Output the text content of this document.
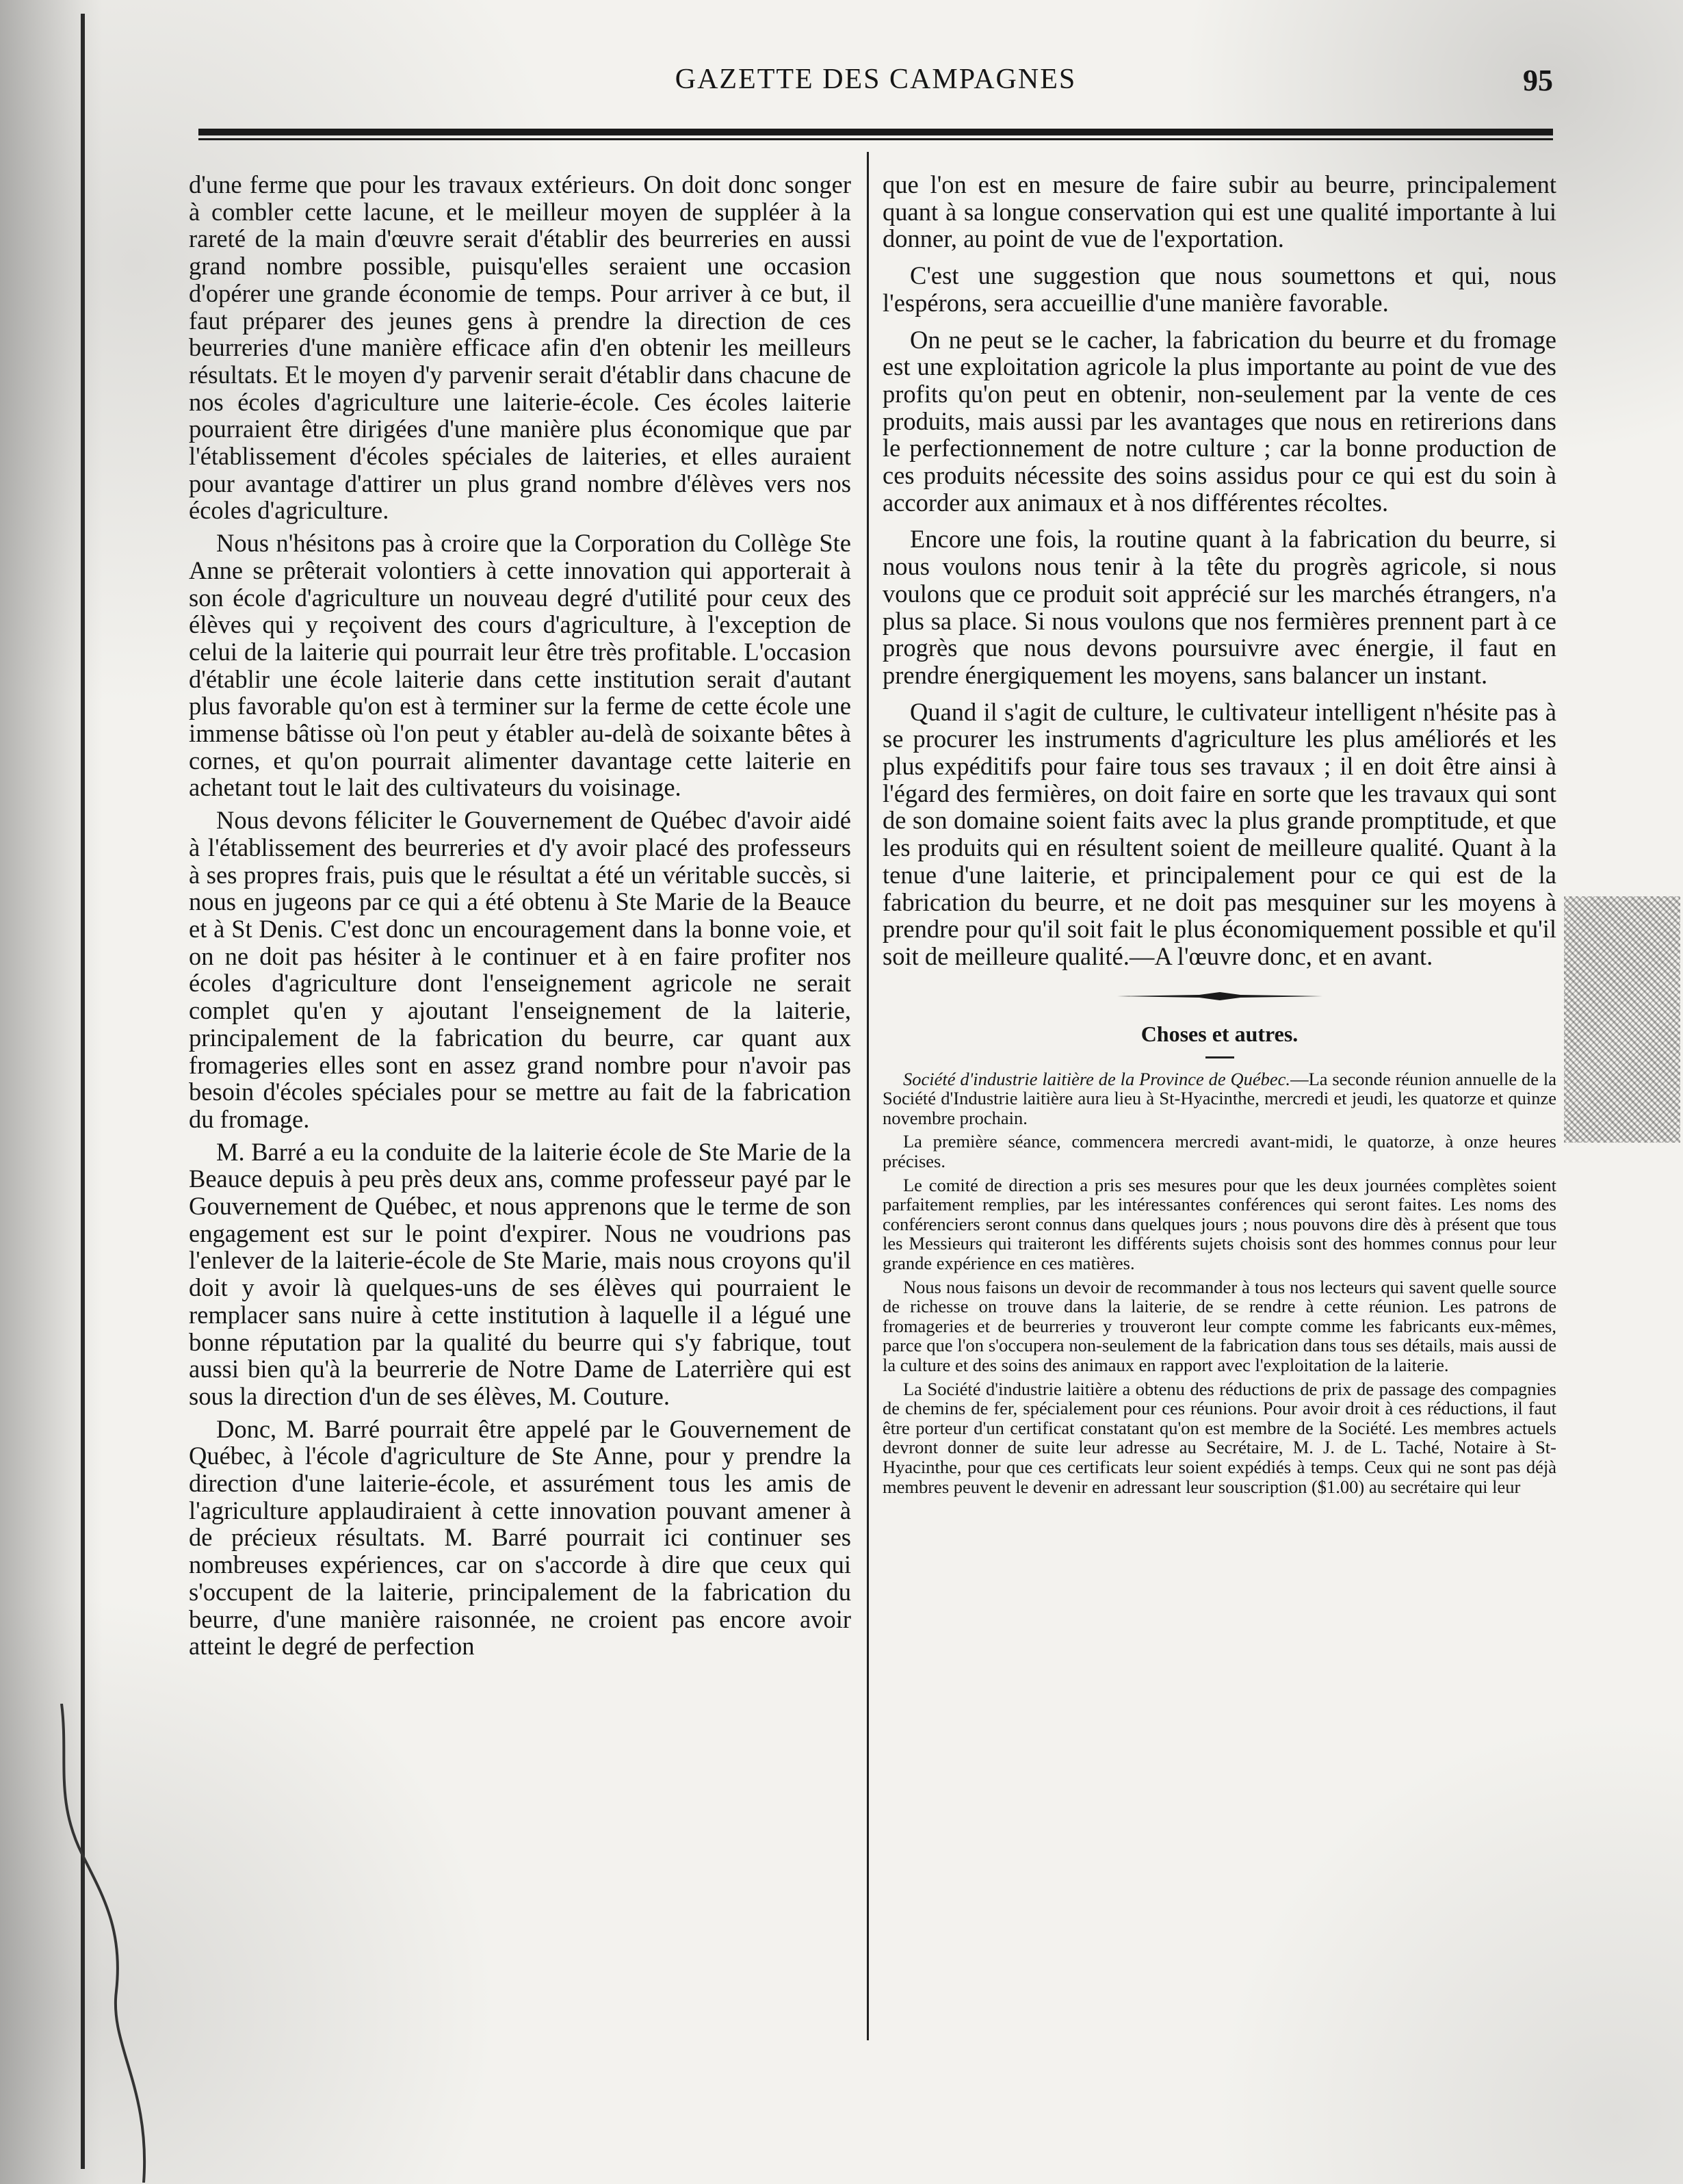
GAZETTE DES CAMPAGNES	95

d'une ferme que pour les travaux extérieurs. On doit donc songer à combler cette lacune, et le meilleur moyen de suppléer à la rareté de la main d'œuvre serait d'établir des beurreries en aussi grand nombre possible, puisqu'elles seraient une occasion d'opérer une grande économie de temps. Pour arriver à ce but, il faut préparer des jeunes gens à prendre la direction de ces beurreries d'une manière efficace afin d'en obtenir les meilleurs résultats. Et le moyen d'y parvenir serait d'établir dans chacune de nos écoles d'agriculture une laiterie-école. Ces écoles laiterie pourraient être dirigées d'une manière plus économique que par l'établissement d'écoles spéciales de laiteries, et elles auraient pour avantage d'attirer un plus grand nombre d'élèves vers nos écoles d'agriculture.

Nous n'hésitons pas à croire que la Corporation du Collège Ste Anne se prêterait volontiers à cette innovation qui apporterait à son école d'agriculture un nouveau degré d'utilité pour ceux des élèves qui y reçoivent des cours d'agriculture, à l'exception de celui de la laiterie qui pourrait leur être très profitable. L'occasion d'établir une école laiterie dans cette institution serait d'autant plus favorable qu'on est à terminer sur la ferme de cette école une immense bâtisse où l'on peut y établer au-delà de soixante bêtes à cornes, et qu'on pourrait alimenter davantage cette laiterie en achetant tout le lait des cultivateurs du voisinage.

Nous devons féliciter le Gouvernement de Québec d'avoir aidé à l'établissement des beurreries et d'y avoir placé des professeurs à ses propres frais, puis que le résultat a été un véritable succès, si nous en jugeons par ce qui a été obtenu à Ste Marie de la Beauce et à St Denis. C'est donc un encouragement dans la bonne voie, et on ne doit pas hésiter à le continuer et à en faire profiter nos écoles d'agriculture dont l'enseignement agricole ne serait complet qu'en y ajoutant l'enseignement de la laiterie, principalement de la fabrication du beurre, car quant aux fromageries elles sont en assez grand nombre pour n'avoir pas besoin d'écoles spéciales pour se mettre au fait de la fabrication du fromage.

M. Barré a eu la conduite de la laiterie école de Ste Marie de la Beauce depuis à peu près deux ans, comme professeur payé par le Gouvernement de Québec, et nous apprenons que le terme de son engagement est sur le point d'expirer. Nous ne voudrions pas l'enlever de la laiterie-école de Ste Marie, mais nous croyons qu'il doit y avoir là quelques-uns de ses élèves qui pourraient le remplacer sans nuire à cette institution à laquelle il a légué une bonne réputation par la qualité du beurre qui s'y fabrique, tout aussi bien qu'à la beurrerie de Notre Dame de Laterrière qui est sous la direction d'un de ses élèves, M. Couture.

Donc, M. Barré pourrait être appelé par le Gouvernement de Québec, à l'école d'agriculture de Ste Anne, pour y prendre la direction d'une laiterie-école, et assurément tous les amis de l'agriculture applaudiraient à cette innovation pouvant amener à de précieux résultats. M. Barré pourrait ici continuer ses nombreuses expériences, car on s'accorde à dire que ceux qui s'occupent de la laiterie, principalement de la fabrication du beurre, d'une manière raisonnée, ne croient pas encore avoir atteint le degré de perfection

que l'on est en mesure de faire subir au beurre, principalement quant à sa longue conservation qui est une qualité importante à lui donner, au point de vue de l'exportation.

C'est une suggestion que nous soumettons et qui, nous l'espérons, sera accueillie d'une manière favorable.

On ne peut se le cacher, la fabrication du beurre et du fromage est une exploitation agricole la plus importante au point de vue des profits qu'on peut en obtenir, non-seulement par la vente de ces produits, mais aussi par les avantages que nous en retirerions dans le perfectionnement de notre culture ; car la bonne production de ces produits nécessite des soins assidus pour ce qui est du soin à accorder aux animaux et à nos différentes récoltes.

Encore une fois, la routine quant à la fabrication du beurre, si nous voulons nous tenir à la tête du progrès agricole, si nous voulons que ce produit soit apprécié sur les marchés étrangers, n'a plus sa place. Si nous voulons que nos fermières prennent part à ce progrès que nous devons poursuivre avec énergie, il faut en prendre énergiquement les moyens, sans balancer un instant.

Quand il s'agit de culture, le cultivateur intelligent n'hésite pas à se procurer les instruments d'agriculture les plus améliorés et les plus expéditifs pour faire tous ses travaux ; il en doit être ainsi à l'égard des fermières, on doit faire en sorte que les travaux qui sont de son domaine soient faits avec la plus grande promptitude, et que les produits qui en résultent soient de meilleure qualité. Quant à la tenue d'une laiterie, et principalement pour ce qui est de la fabrication du beurre, et ne doit pas mesquiner sur les moyens à prendre pour qu'il soit fait le plus économiquement possible et qu'il soit de meilleure qualité.—A l'œuvre donc, et en avant.

Choses et autres.

Société d'industrie laitière de la Province de Québec.—La seconde réunion annuelle de la Société d'Industrie laitière aura lieu à St-Hyacinthe, mercredi et jeudi, les quatorze et quinze novembre prochain.

La première séance, commencera mercredi avant-midi, le quatorze, à onze heures précises.

Le comité de direction a pris ses mesures pour que les deux journées complètes soient parfaitement remplies, par les intéressantes conférences qui seront faites. Les noms des conférenciers seront connus dans quelques jours ; nous pouvons dire dès à présent que tous les Messieurs qui traiteront les différents sujets choisis sont des hommes connus pour leur grande expérience en ces matières.

Nous nous faisons un devoir de recommander à tous nos lecteurs qui savent quelle source de richesse on trouve dans la laiterie, de se rendre à cette réunion. Les patrons de fromageries et de beurreries y trouveront leur compte comme les fabricants eux-mêmes, parce que l'on s'occupera non-seulement de la fabrication dans tous ses détails, mais aussi de la culture et des soins des animaux en rapport avec l'exploitation de la laiterie.

La Société d'industrie laitière a obtenu des réductions de prix de passage des compagnies de chemins de fer, spécialement pour ces réunions. Pour avoir droit à ces réductions, il faut être porteur d'un certificat constatant qu'on est membre de la Société. Les membres actuels devront donner de suite leur adresse au Secrétaire, M. J. de L. Taché, Notaire à St-Hyacinthe, pour que ces certificats leur soient expédiés à temps. Ceux qui ne sont pas déjà membres peuvent le devenir en adressant leur souscription ($1.00) au secrétaire qui leur
